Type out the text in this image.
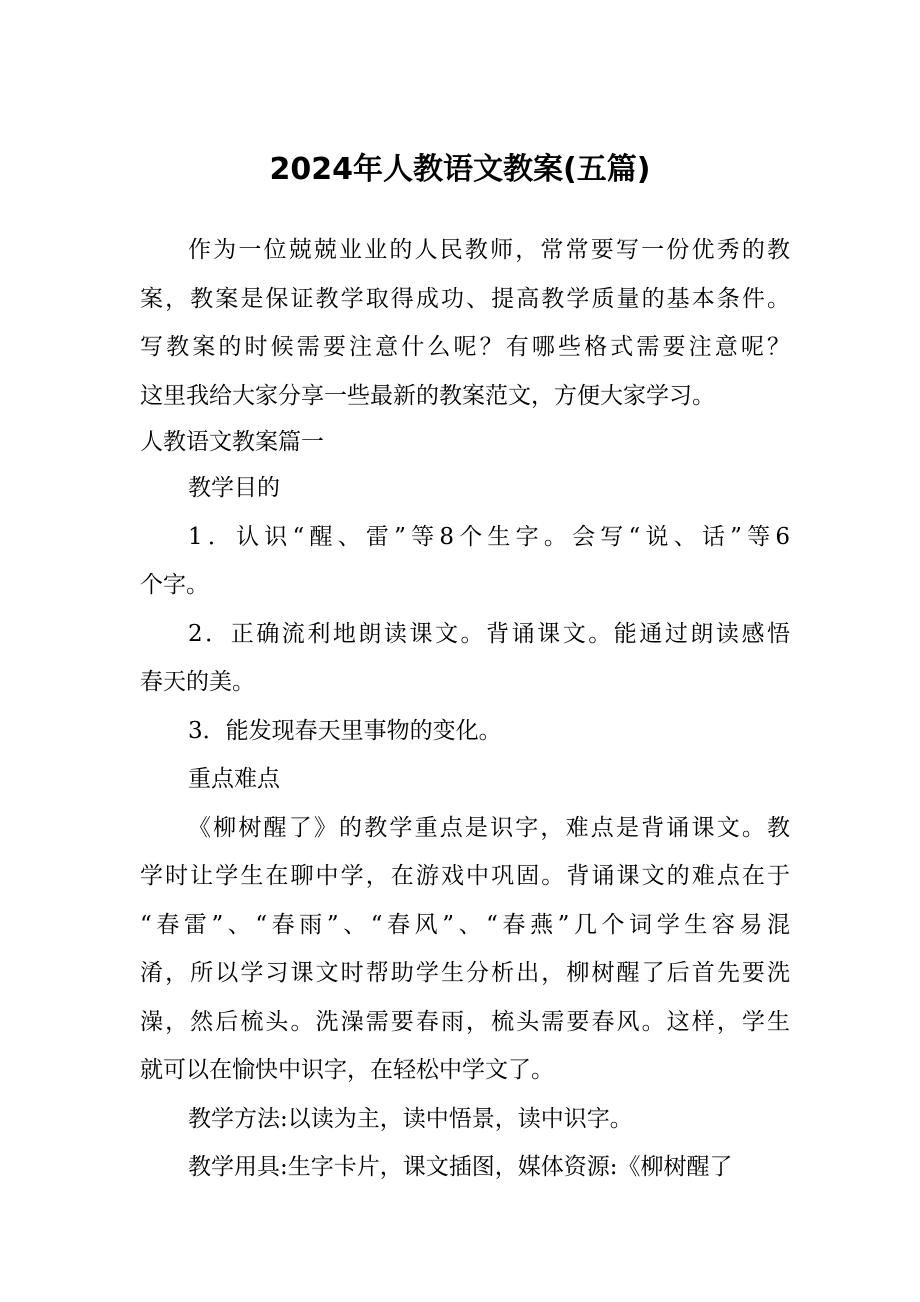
2024年人教语文教案(五篇)
作为一位兢兢业业的人民教师，常常要写一份优秀的教
案，教案是保证教学取得成功、提高教学质量的基本条件。
写教案的时候需要注意什么呢？有哪些格式需要注意呢？
这里我给大家分享一些最新的教案范文，方便大家学习。
人教语文教案篇一
教学目的
1．认识“醒、雷”等8个生字。会写“说、话”等6
个字。
2．正确流利地朗读课文。背诵课文。能通过朗读感悟
春天的美。
3．能发现春天里事物的变化。
重点难点
《柳树醒了》的教学重点是识字，难点是背诵课文。教
学时让学生在聊中学，在游戏中巩固。背诵课文的难点在于
“春雷”、“春雨”、“春风”、“春燕”几个词学生容易混
淆，所以学习课文时帮助学生分析出，柳树醒了后首先要洗
澡，然后梳头。洗澡需要春雨，梳头需要春风。这样，学生
就可以在愉快中识字，在轻松中学文了。
教学方法:以读为主，读中悟景，读中识字。
教学用具:生字卡片，课文插图，媒体资源:《柳树醒了
